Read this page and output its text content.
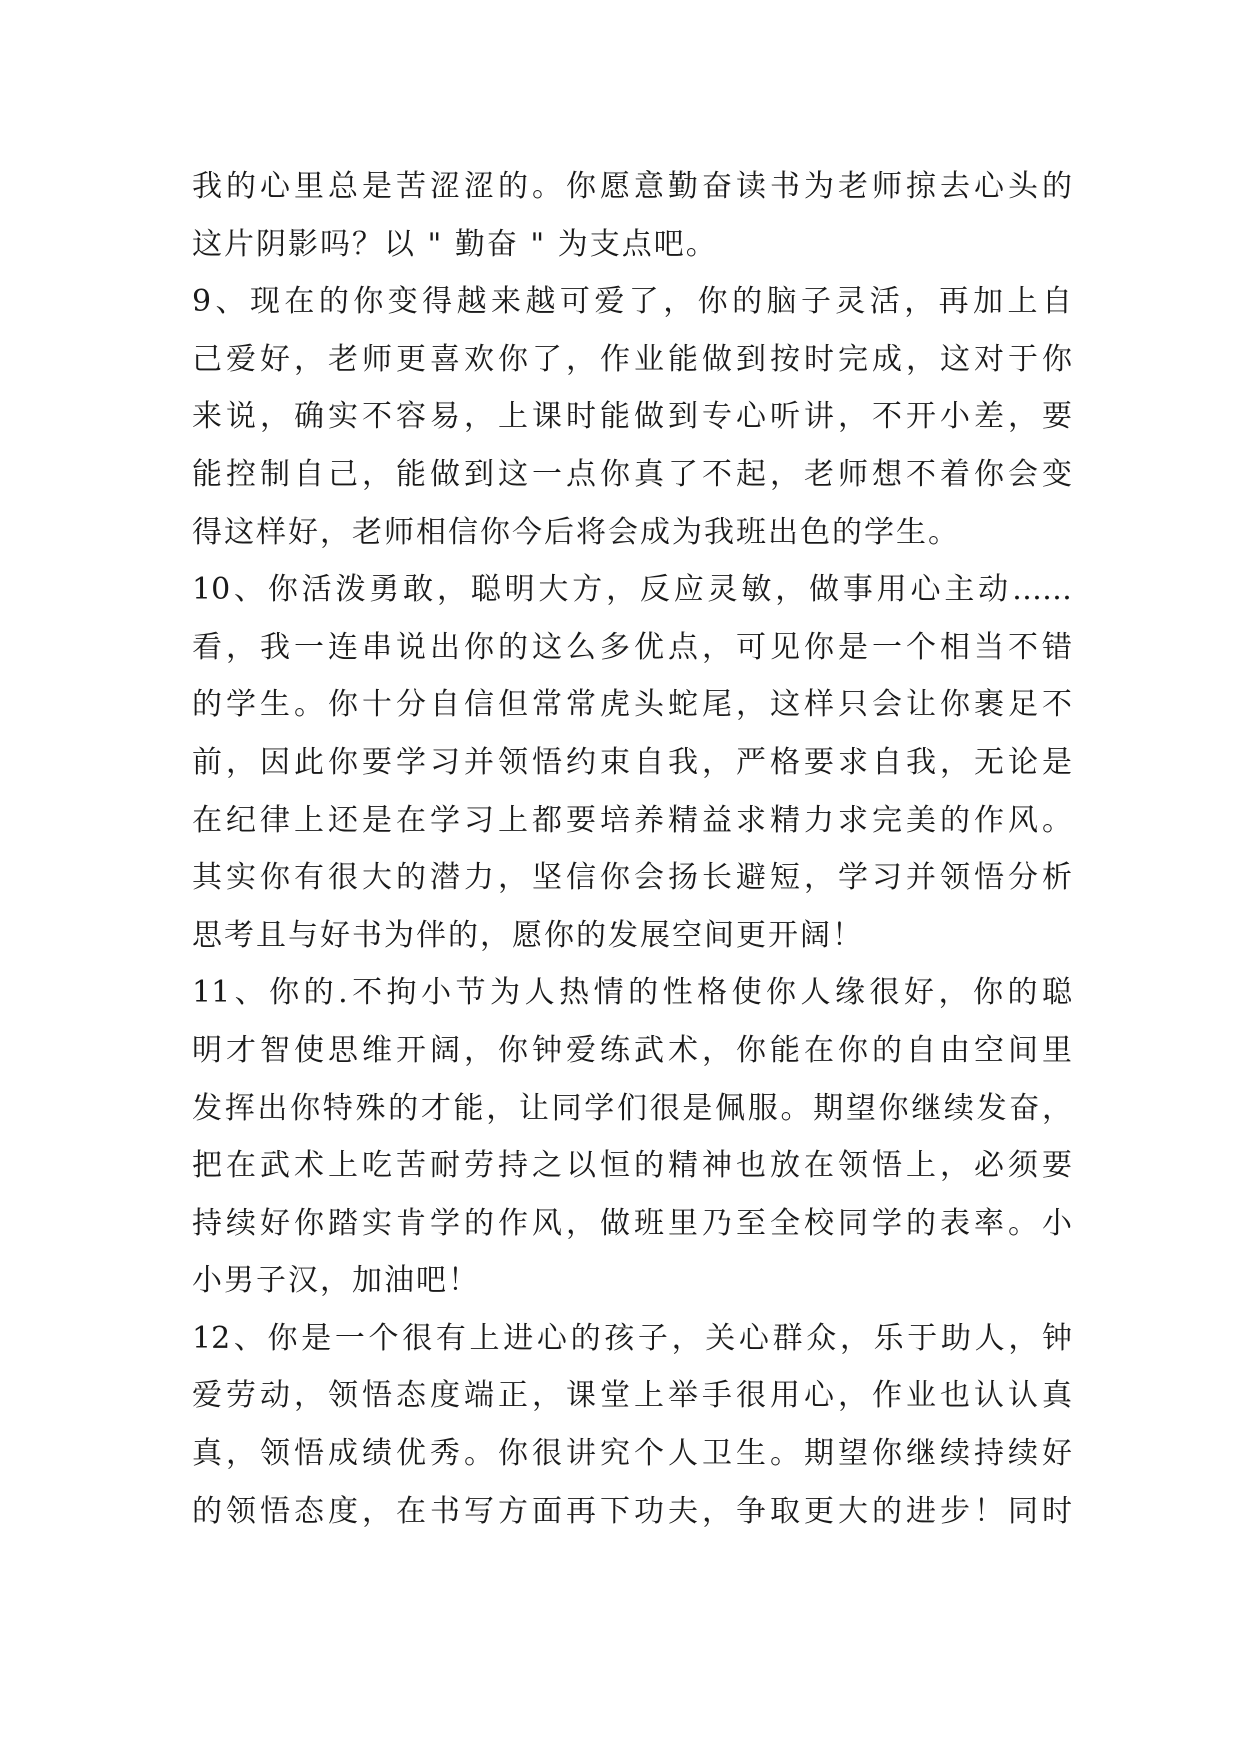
我的心里总是苦涩涩的。你愿意勤奋读书为老师掠去心头的
这片阴影吗？以 " 勤奋 " 为支点吧。
9、现在的你变得越来越可爱了，你的脑子灵活，再加上自
己爱好，老师更喜欢你了，作业能做到按时完成，这对于你
来说，确实不容易，上课时能做到专心听讲，不开小差，要
能控制自己，能做到这一点你真了不起，老师想不着你会变
得这样好，老师相信你今后将会成为我班出色的学生。
10、你活泼勇敢，聪明大方，反应灵敏，做事用心主动……
看，我一连串说出你的这么多优点，可见你是一个相当不错
的学生。你十分自信但常常虎头蛇尾，这样只会让你裹足不
前，因此你要学习并领悟约束自我，严格要求自我，无论是
在纪律上还是在学习上都要培养精益求精力求完美的作风。
其实你有很大的潜力，坚信你会扬长避短，学习并领悟分析
思考且与好书为伴的，愿你的发展空间更开阔！
11、你的.不拘小节为人热情的性格使你人缘很好，你的聪
明才智使思维开阔，你钟爱练武术，你能在你的自由空间里
发挥出你特殊的才能，让同学们很是佩服。期望你继续发奋，
把在武术上吃苦耐劳持之以恒的精神也放在领悟上，必须要
持续好你踏实肯学的作风，做班里乃至全校同学的表率。小
小男子汉，加油吧！
12、你是一个很有上进心的孩子，关心群众，乐于助人，钟
爱劳动，领悟态度端正，课堂上举手很用心，作业也认认真
真，领悟成绩优秀。你很讲究个人卫生。期望你继续持续好
的领悟态度，在书写方面再下功夫，争取更大的进步！同时
